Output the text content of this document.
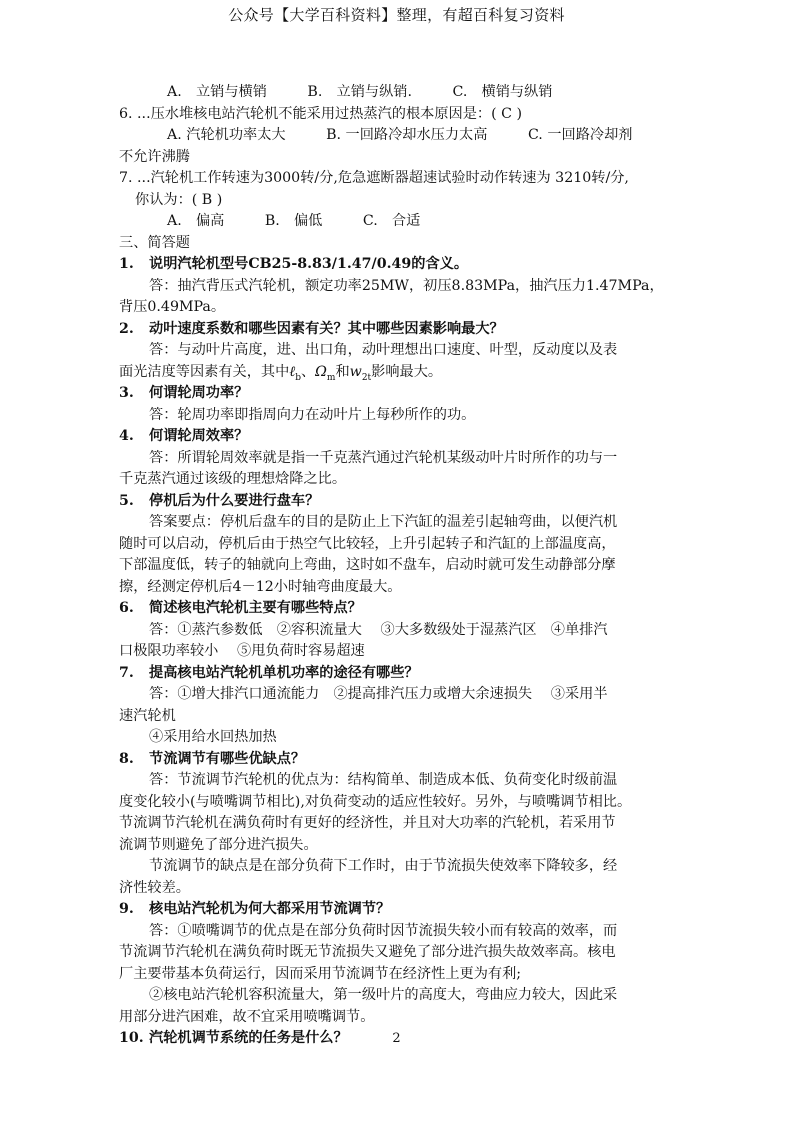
公众号【大学百科资料】整理，有超百科复习资料
A.　立销与横销	B.　立销与纵销.	C.　横销与纵销
6. ...压水堆核电站汽轮机不能采用过热蒸汽的根本原因是：( C )
A. 汽轮机功率太大	B. 一回路冷却水压力太高	C. 一回路冷却剂
不允许沸腾
7. ...汽轮机工作转速为3000转/分,危急遮断器超速试验时动作转速为 3210转/分,
你认为：( B )
A.　偏高	B.　偏低	C.　合适
三、简答题
1. 说明汽轮机型号CB25-8.83/1.47/0.49的含义。
答：抽汽背压式汽轮机，额定功率25MW，初压8.83MPa，抽汽压力1.47MPa，
背压0.49MPa。
2. 动叶速度系数和哪些因素有关？其中哪些因素影响最大？
答：与动叶片高度，进、出口角，动叶理想出口速度、叶型，反动度以及表
面光洁度等因素有关，其中ℓ$_b$、$\Omega_m$和$w_{2t}$影响最大。
3. 何谓轮周功率？
答：轮周功率即指周向力在动叶片上每秒所作的功。
4. 何谓轮周效率？
答：所谓轮周效率就是指一千克蒸汽通过汽轮机某级动叶片时所作的功与一
千克蒸汽通过该级的理想焓降之比。
5. 停机后为什么要进行盘车？
答案要点：停机后盘车的目的是防止上下汽缸的温差引起轴弯曲，以便汽机
随时可以启动，停机后由于热空气比较轻，上升引起转子和汽缸的上部温度高，
下部温度低，转子的轴就向上弯曲，这时如不盘车，启动时就可发生动静部分摩
擦，经测定停机后4－12小时轴弯曲度最大。
6. 简述核电汽轮机主要有哪些特点？
答：①蒸汽参数低　②容积流量大　 ③大多数级处于湿蒸汽区　④单排汽
口极限功率较小　 ⑤甩负荷时容易超速
7. 提高核电站汽轮机单机功率的途径有哪些？
答：①增大排汽口通流能力　②提高排汽压力或增大余速损失　 ③采用半
速汽轮机
④采用给水回热加热
8. 节流调节有哪些优缺点？
答：节流调节汽轮机的优点为：结构简单、制造成本低、负荷变化时级前温
度变化较小(与喷嘴调节相比),对负荷变动的适应性较好。另外，与喷嘴调节相比。
节流调节汽轮机在满负荷时有更好的经济性，并且对大功率的汽轮机，若采用节
流调节则避免了部分进汽损失。
节流调节的缺点是在部分负荷下工作时，由于节流损失使效率下降较多，经
济性较差。
9. 核电站汽轮机为何大都采用节流调节？
答：①喷嘴调节的优点是在部分负荷时因节流损失较小而有较高的效率，而
节流调节汽轮机在满负荷时既无节流损失又避免了部分进汽损失故效率高。核电
厂主要带基本负荷运行，因而采用节流调节在经济性上更为有利;
②核电站汽轮机容积流量大，第一级叶片的高度大，弯曲应力较大，因此采
用部分进汽困难，故不宜采用喷嘴调节。
10. 汽轮机调节系统的任务是什么？	2
